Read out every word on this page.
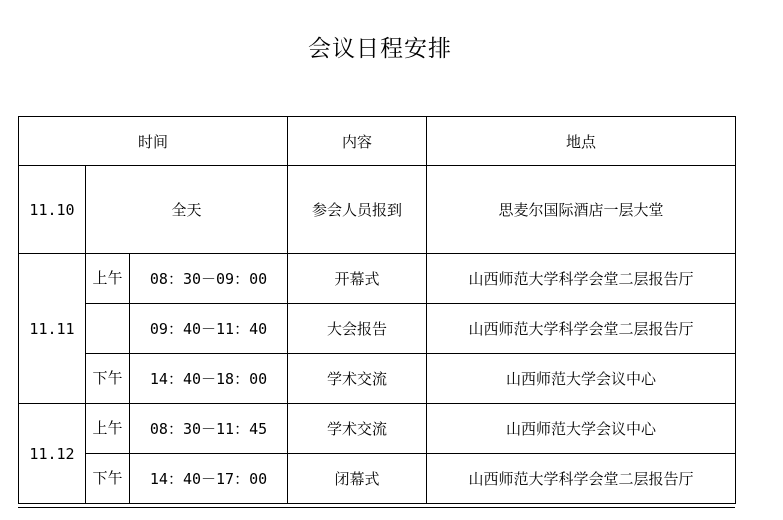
会议日程安排
时间			内容	地点
11.10	全天		参会人员报到	思麦尔国际酒店一层大堂
11.11	上午	08：30－09：00	开幕式	山西师范大学科学会堂二层报告厅
		09：40－11：40	大会报告	山西师范大学科学会堂二层报告厅
	下午	14：40－18：00	学术交流	山西师范大学会议中心
11.12	上午	08：30－11：45	学术交流	山西师范大学会议中心
	下午	14：40－17：00	闭幕式	山西师范大学科学会堂二层报告厅
